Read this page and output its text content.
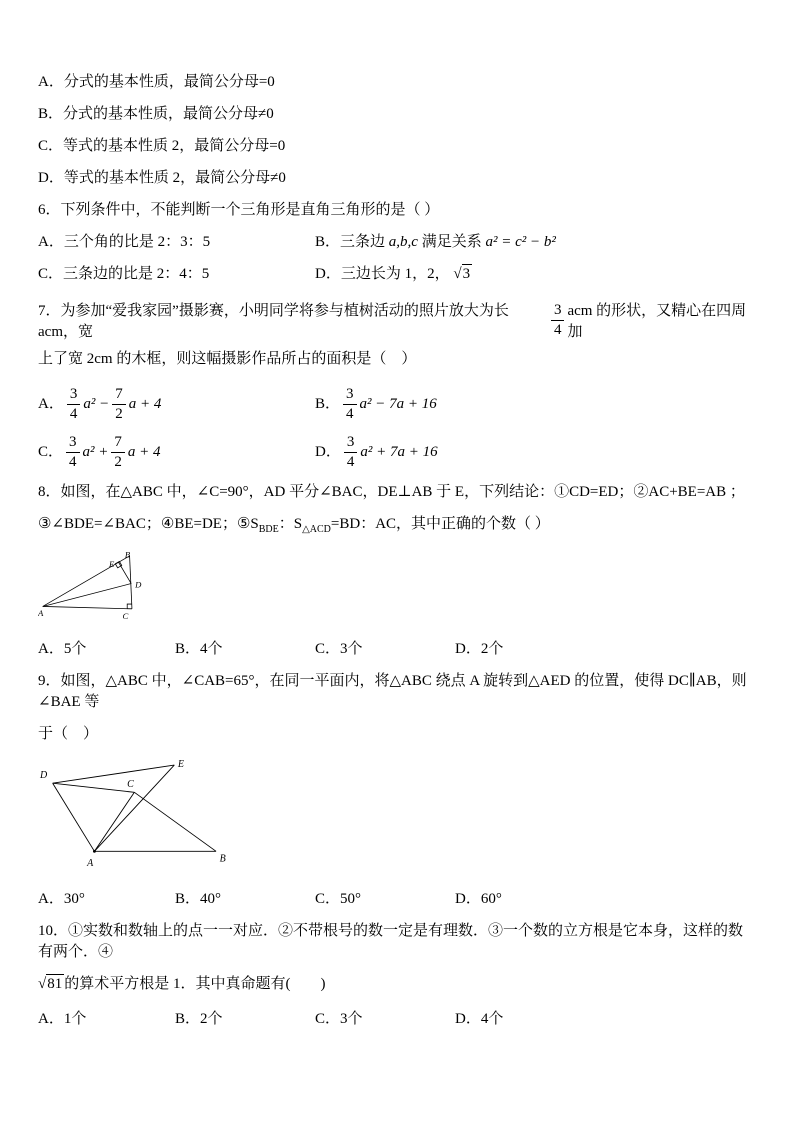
A．分式的基本性质，最简公分母=0
B．分式的基本性质，最简公分母≠0
C．等式的基本性质 2，最简公分母=0
D．等式的基本性质 2，最简公分母≠0
6．下列条件中，不能判断一个三角形是直角三角形的是（ ）
A．三个角的比是 2：3：5	B．三条边 a,b,c 满足关系 a² = c² − b²
C．三条边的比是 2：4：5	D．三边长为 1，2， √3
7．为参加“爱我家园”摄影赛，小明同学将参与植树活动的照片放大为长 acm，宽	$\frac{3}{4}$ acm 的形状，又精心在四周加
上了宽 2cm 的木框，则这幅摄影作品所占的面积是（　）
A． $\frac{3}{4} a^2 - \frac{7}{2}$ a + 4	B． $\frac{3}{4} a^2 - 7a + 16$
C． $\frac{3}{4} a^2 + \frac{7}{2}$ a + 4	D． $\frac{3}{4} a^2 + 7a + 16$
8．如图，在△ABC 中，∠C=90°，AD 平分∠BAC，DE⊥AB 于 E，下列结论：①CD=ED；②AC+BE=AB ；
③∠BDE=∠BAC；④BE=DE；$⑤S_{BDE}$：$S_{\triangle ACD}=BD$：AC，其中正确的个数（ ）
A
B
E
D
C
A．5个	B．4个	C．3个	D．2个
9．如图，△ABC 中，∠CAB=65°，在同一平面内，将△ABC 绕点 A 旋转到△AED 的位置，使得 DC∥AB，则∠BAE 等
于（　）
D
E
C
A	B
A．30°	B．40°	C．50°	D．60°
10．①实数和数轴上的点一一对应．②不带根号的数一定是有理数．③一个数的立方根是它本身，这样的数有两个．④
√81 的算术平方根是 1．其中真命题有(　　)
A．1个	B．2个	C．3个	D．4个
